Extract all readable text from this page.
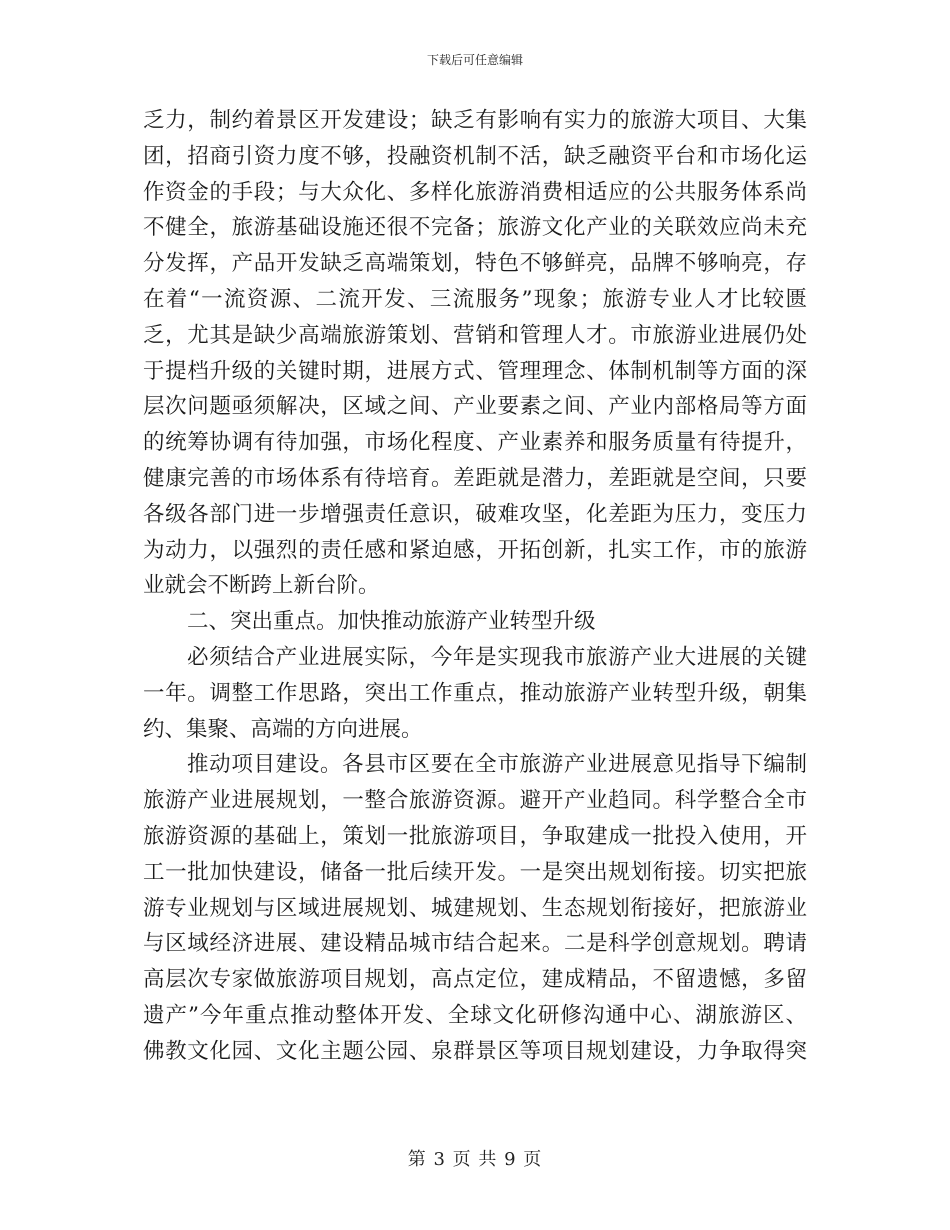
下载后可任意编辑
乏力，制约着景区开发建设；缺乏有影响有实力的旅游大项目、大集
团，招商引资力度不够，投融资机制不活，缺乏融资平台和市场化运
作资金的手段；与大众化、多样化旅游消费相适应的公共服务体系尚
不健全，旅游基础设施还很不完备；旅游文化产业的关联效应尚未充
分发挥，产品开发缺乏高端策划，特色不够鲜亮，品牌不够响亮，存
在着“一流资源、二流开发、三流服务”现象；旅游专业人才比较匮
乏，尤其是缺少高端旅游策划、营销和管理人才。市旅游业进展仍处
于提档升级的关键时期，进展方式、管理理念、体制机制等方面的深
层次问题亟须解决，区域之间、产业要素之间、产业内部格局等方面
的统筹协调有待加强，市场化程度、产业素养和服务质量有待提升，
健康完善的市场体系有待培育。差距就是潜力，差距就是空间，只要
各级各部门进一步增强责任意识，破难攻坚，化差距为压力，变压力
为动力，以强烈的责任感和紧迫感，开拓创新，扎实工作，市的旅游
业就会不断跨上新台阶。
二、突出重点。加快推动旅游产业转型升级
必须结合产业进展实际，今年是实现我市旅游产业大进展的关键
一年。调整工作思路，突出工作重点，推动旅游产业转型升级，朝集
约、集聚、高端的方向进展。
推动项目建设。各县市区要在全市旅游产业进展意见指导下编制
旅游产业进展规划，一整合旅游资源。避开产业趋同。科学整合全市
旅游资源的基础上，策划一批旅游项目，争取建成一批投入使用，开
工一批加快建设，储备一批后续开发。一是突出规划衔接。切实把旅
游专业规划与区域进展规划、城建规划、生态规划衔接好，把旅游业
与区域经济进展、建设精品城市结合起来。二是科学创意规划。聘请
高层次专家做旅游项目规划，高点定位，建成精品，不留遗憾，多留
遗产”今年重点推动整体开发、全球文化研修沟通中心、湖旅游区、
佛教文化园、文化主题公园、泉群景区等项目规划建设，力争取得突
第 3 页 共 9 页
